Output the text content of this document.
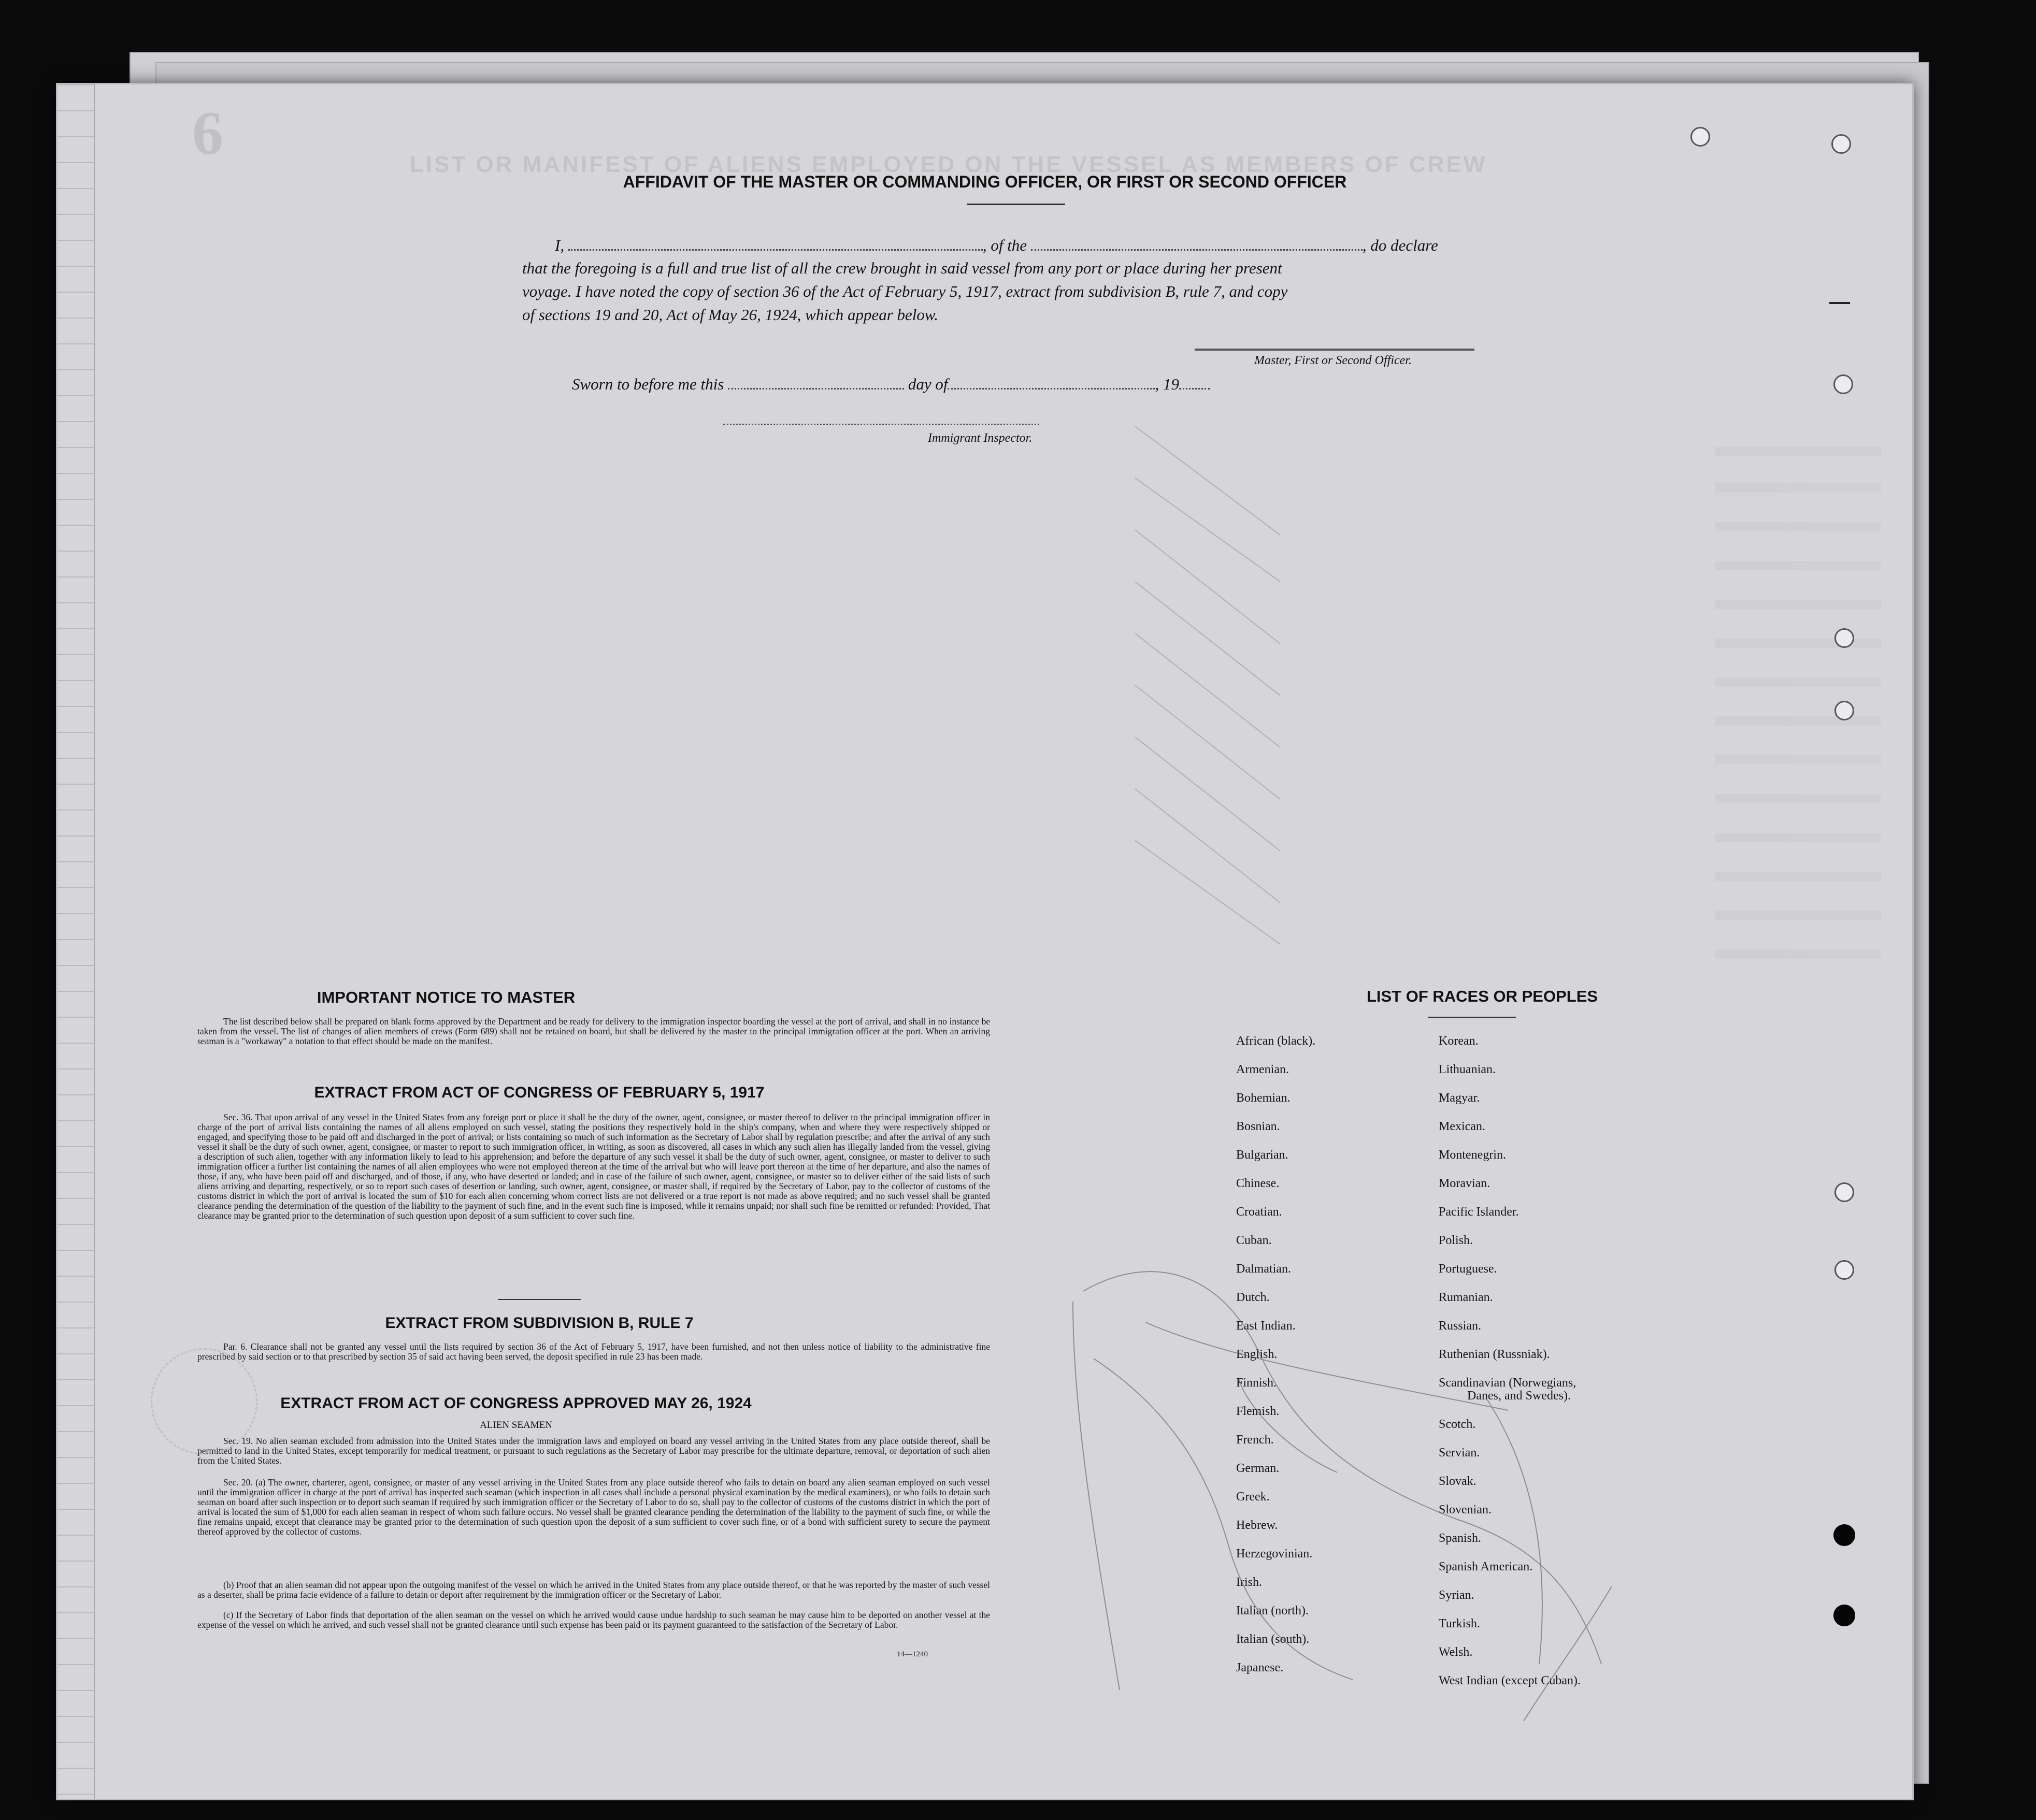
6	LIST OR MANIFEST OF ALIENS EMPLOYED ON THE VESSEL AS MEMBERS OF CREW
AFFIDAVIT OF THE MASTER OR COMMANDING OFFICER, OR FIRST OR SECOND OFFICER
I,	, of the	, do declare
that the foregoing is a full and true list of all the crew brought in said vessel from any port or place during her present
voyage. I have noted the copy of section 36 of the Act of February 5, 1917, extract from subdivision B, rule 7, and copy
of sections 19 and 20, Act of May 26, 1924, which appear below.
Master, First or Second Officer.
Sworn to before me this	day of	, 19
Immigrant Inspector.
IMPORTANT NOTICE TO MASTER
The list described below shall be prepared on blank forms approved by the Department and be ready for delivery to the immigration inspector boarding the vessel at the port of arrival, and shall in no instance be taken from the vessel. The list of changes of alien members of crews (Form 689) shall not be retained on board, but shall be delivered by the master to the principal immigration officer at the port. When an arriving seaman is a "workaway" a notation to that effect should be made on the manifest.
EXTRACT FROM ACT OF CONGRESS OF FEBRUARY 5, 1917
Sec. 36. That upon arrival of any vessel in the United States from any foreign port or place it shall be the duty of the owner, agent, consignee, or master thereof to deliver to the principal immigration officer in charge of the port of arrival lists containing the names of all aliens employed on such vessel, stating the positions they respectively hold in the ship's company, when and where they were respectively shipped or engaged, and specifying those to be paid off and discharged in the port of arrival; or lists containing so much of such information as the Secretary of Labor shall by regulation prescribe; and after the arrival of any such vessel it shall be the duty of such owner, agent, consignee, or master to report to such immigration officer, in writing, as soon as discovered, all cases in which any such alien has illegally landed from the vessel, giving a description of such alien, together with any information likely to lead to his apprehension; and before the departure of any such vessel it shall be the duty of such owner, agent, consignee, or master to deliver to such immigration officer a further list containing the names of all alien employees who were not employed thereon at the time of the arrival but who will leave port thereon at the time of her departure, and also the names of those, if any, who have been paid off and discharged, and of those, if any, who have deserted or landed; and in case of the failure of such owner, agent, consignee, or master so to deliver either of the said lists of such aliens arriving and departing, respectively, or so to report such cases of desertion or landing, such owner, agent, consignee, or master shall, if required by the Secretary of Labor, pay to the collector of customs of the customs district in which the port of arrival is located the sum of $10 for each alien concerning whom correct lists are not delivered or a true report is not made as above required; and no such vessel shall be granted clearance pending the determination of the question of the liability to the payment of such fine, and in the event such fine is imposed, while it remains unpaid; nor shall such fine be remitted or refunded: Provided, That clearance may be granted prior to the determination of such question upon deposit of a sum sufficient to cover such fine.
EXTRACT FROM SUBDIVISION B, RULE 7
Par. 6. Clearance shall not be granted any vessel until the lists required by section 36 of the Act of February 5, 1917, have been furnished, and not then unless notice of liability to the administrative fine prescribed by said section or to that prescribed by section 35 of said act having been served, the deposit specified in rule 23 has been made.
EXTRACT FROM ACT OF CONGRESS APPROVED MAY 26, 1924
ALIEN SEAMEN
Sec. 19. No alien seaman excluded from admission into the United States under the immigration laws and employed on board any vessel arriving in the United States from any place outside thereof, shall be permitted to land in the United States, except temporarily for medical treatment, or pursuant to such regulations as the Secretary of Labor may prescribe for the ultimate departure, removal, or deportation of such alien from the United States.
Sec. 20. (a) The owner, charterer, agent, consignee, or master of any vessel arriving in the United States from any place outside thereof who fails to detain on board any alien seaman employed on such vessel until the immigration officer in charge at the port of arrival has inspected such seaman (which inspection in all cases shall include a personal physical examination by the medical examiners), or who fails to detain such seaman on board after such inspection or to deport such seaman if required by such immigration officer or the Secretary of Labor to do so, shall pay to the collector of customs of the customs district in which the port of arrival is located the sum of $1,000 for each alien seaman in respect of whom such failure occurs. No vessel shall be granted clearance pending the determination of the liability to the payment of such fine, or while the fine remains unpaid, except that clearance may be granted prior to the determination of such question upon the deposit of a sum sufficient to cover such fine, or of a bond with sufficient surety to secure the payment thereof approved by the collector of customs.
(b) Proof that an alien seaman did not appear upon the outgoing manifest of the vessel on which he arrived in the United States from any place outside thereof, or that he was reported by the master of such vessel as a deserter, shall be prima facie evidence of a failure to detain or deport after requirement by the immigration officer or the Secretary of Labor.
(c) If the Secretary of Labor finds that deportation of the alien seaman on the vessel on which he arrived would cause undue hardship to such seaman he may cause him to be deported on another vessel at the expense of the vessel on which he arrived, and such vessel shall not be granted clearance until such expense has been paid or its payment guaranteed to the satisfaction of the Secretary of Labor.
14—1240
LIST OF RACES OR PEOPLES
African (black).
Armenian.
Bohemian.
Bosnian.
Bulgarian.
Chinese.
Croatian.
Cuban.
Dalmatian.
Dutch.
East Indian.
English.
Finnish.
Flemish.
French.
German.
Greek.
Hebrew.
Herzegovinian.
Irish.
Italian (north).
Italian (south).
Japanese.
Korean.
Lithuanian.
Magyar.
Mexican.
Montenegrin.
Moravian.
Pacific Islander.
Polish.
Portuguese.
Rumanian.
Russian.
Ruthenian (Russniak).
Scandinavian (Norwegians,
Danes, and Swedes).
Scotch.
Servian.
Slovak.
Slovenian.
Spanish.
Spanish American.
Syrian.
Turkish.
Welsh.
West Indian (except Cuban).
